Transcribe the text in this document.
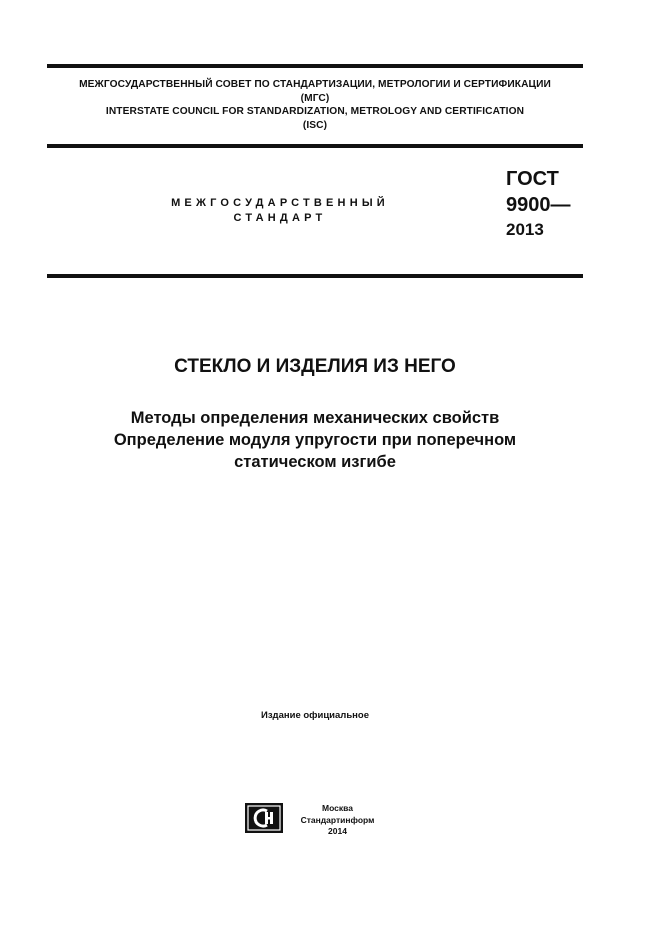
МЕЖГОСУДАРСТВЕННЫЙ СОВЕТ ПО СТАНДАРТИЗАЦИИ, МЕТРОЛОГИИ И СЕРТИФИКАЦИИ
(МГС)
INTERSTATE COUNCIL FOR STANDARDIZATION, METROLOGY AND CERTIFICATION
(ISC)
МЕЖГОСУДАРСТВЕННЫЙ
СТАНДАРТ
ГОСТ
9900—
2013
СТЕКЛО И ИЗДЕЛИЯ ИЗ НЕГО
Методы определения механических свойств
Определение модуля упругости при поперечном
статическом изгибе
Издание официальное
Москва
Стандартинформ
2014
